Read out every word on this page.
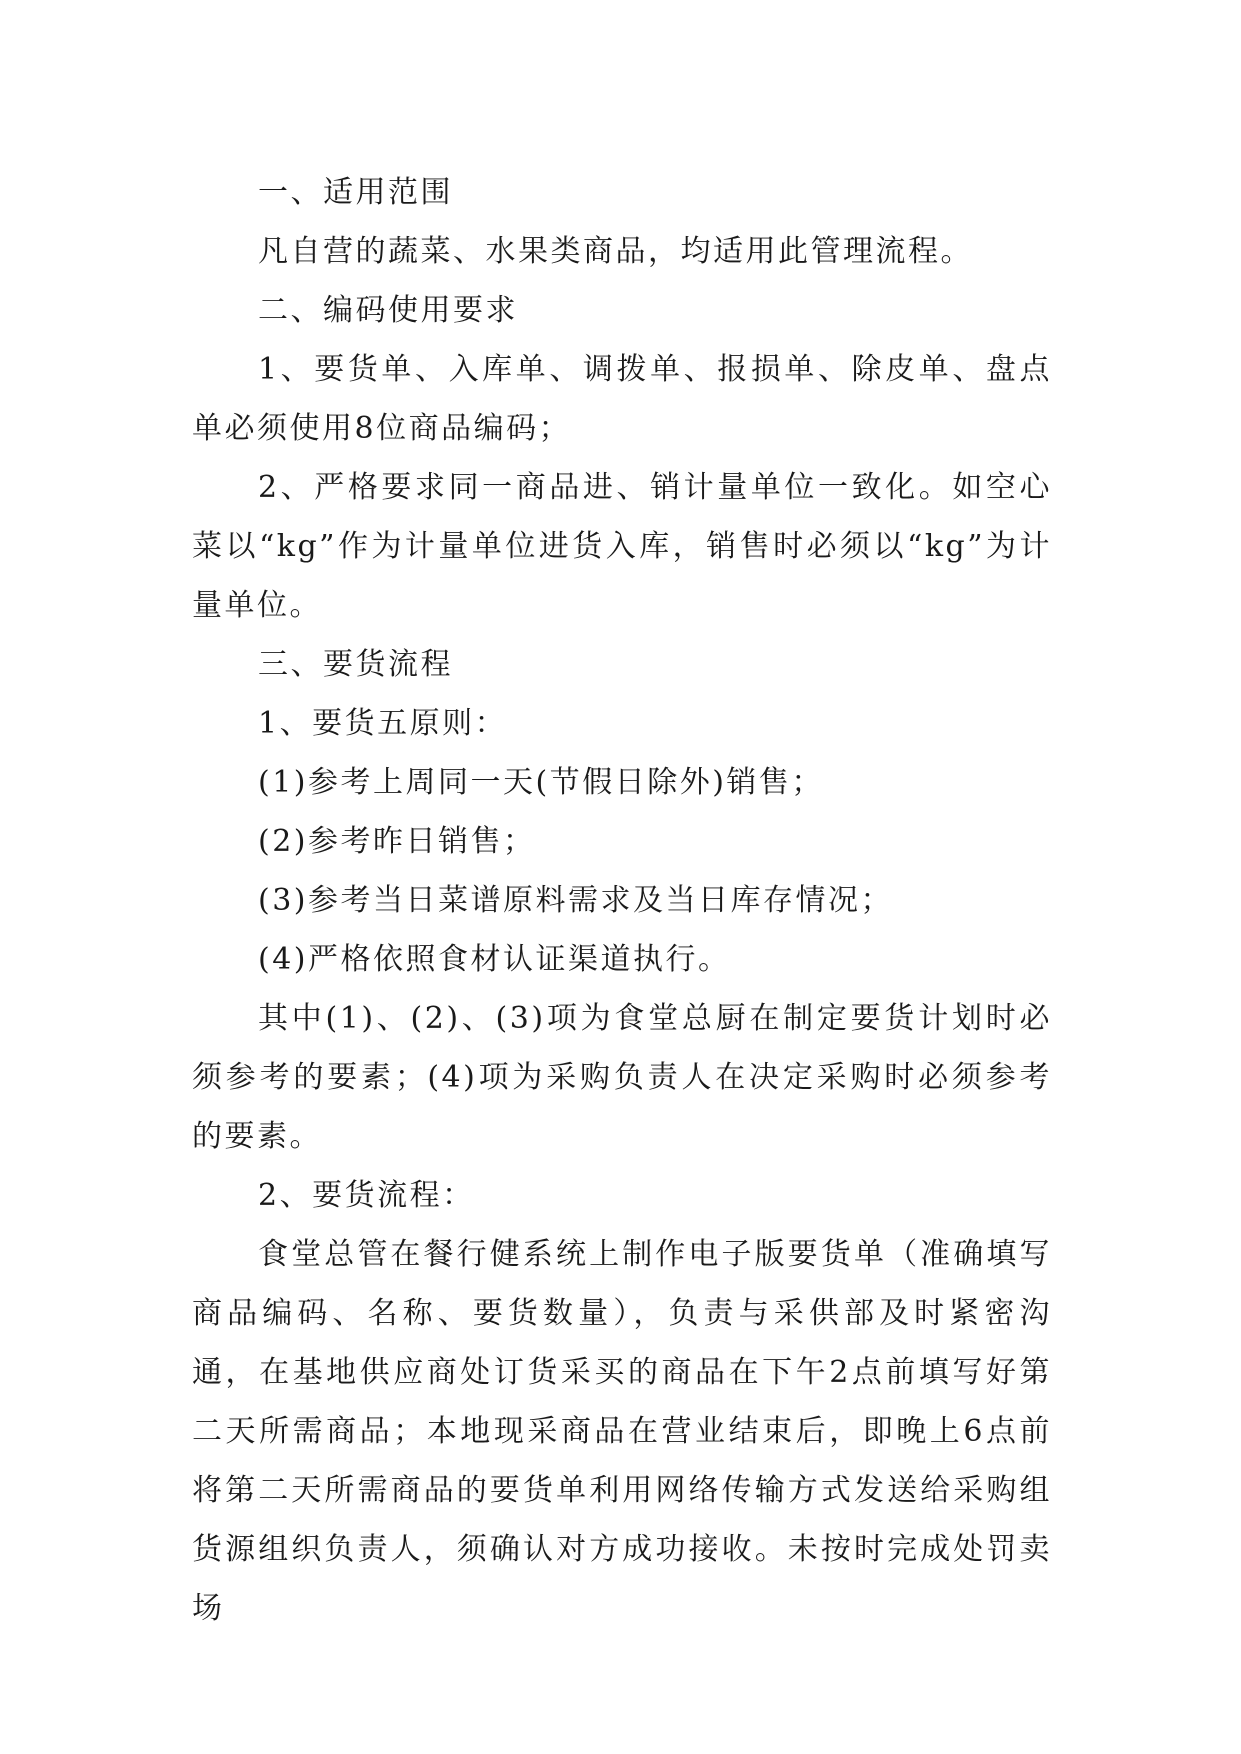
一、适用范围

凡自营的蔬菜、水果类商品，均适用此管理流程。

二、编码使用要求

1、要货单、入库单、调拨单、报损单、除皮单、盘点单必须使用8位商品编码；

2、严格要求同一商品进、销计量单位一致化。如空心菜以“kg”作为计量单位进货入库，销售时必须以“kg”为计量单位。

三、要货流程

1、要货五原则：

(1)参考上周同一天(节假日除外)销售；

(2)参考昨日销售；

(3)参考当日菜谱原料需求及当日库存情况；

(4)严格依照食材认证渠道执行。

其中(1)、(2)、(3)项为食堂总厨在制定要货计划时必须参考的要素；(4)项为采购负责人在决定采购时必须参考的要素。

2、要货流程：

食堂总管在餐行健系统上制作电子版要货单（准确填写商品编码、名称、要货数量），负责与采供部及时紧密沟通，在基地供应商处订货采买的商品在下午2点前填写好第二天所需商品；本地现采商品在营业结束后，即晚上6点前将第二天所需商品的要货单利用网络传输方式发送给采购组货源组织负责人，须确认对方成功接收。未按时完成处罚卖场
